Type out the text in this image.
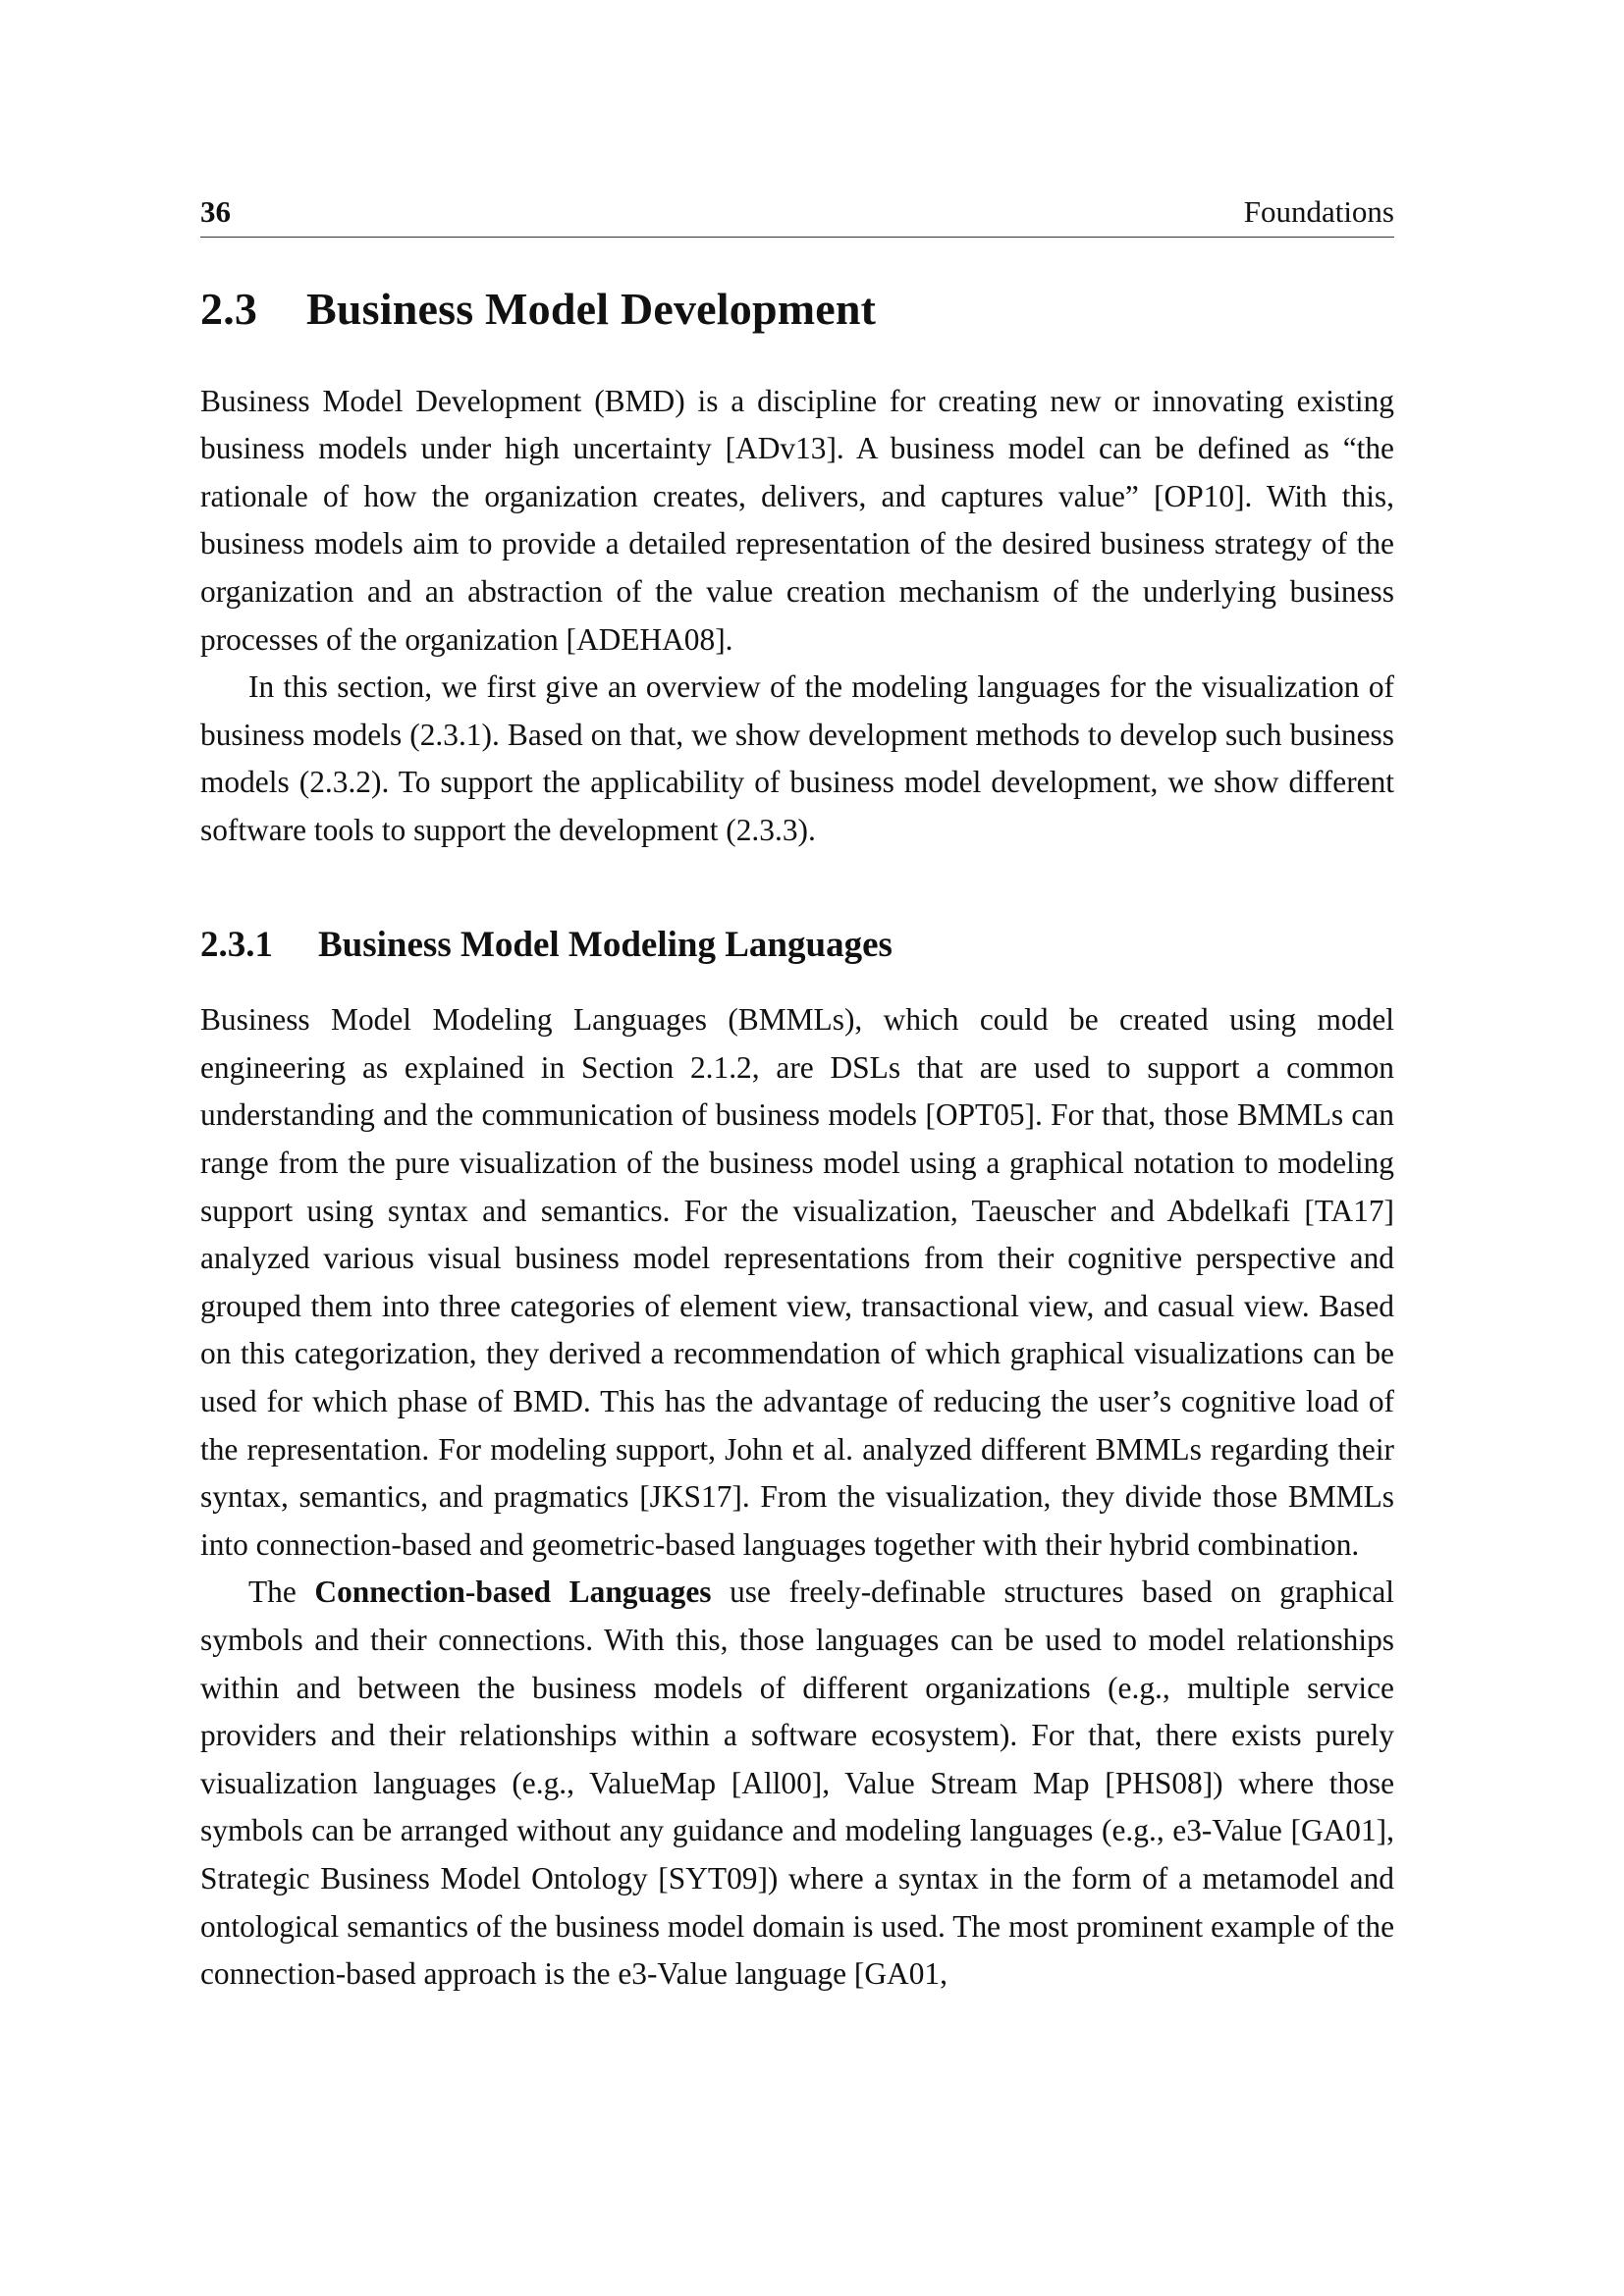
36	Foundations
2.3 Business Model Development

Business Model Development (BMD) is a discipline for creating new or innovating existing business models under high uncertainty [ADv13]. A business model can be defined as “the rationale of how the organization creates, delivers, and captures value” [OP10]. With this, business models aim to provide a detailed representation of the desired business strategy of the organization and an abstraction of the value creation mechanism of the underlying business processes of the organization [ADEHA08].

In this section, we first give an overview of the modeling languages for the visualization of business models (2.3.1). Based on that, we show development methods to develop such business models (2.3.2). To support the applicability of business model development, we show different software tools to support the development (2.3.3).

2.3.1 Business Model Modeling Languages

Business Model Modeling Languages (BMMLs), which could be created using model engineering as explained in Section 2.1.2, are DSLs that are used to support a common understanding and the communication of business models [OPT05]. For that, those BMMLs can range from the pure visualization of the business model using a graphical notation to modeling support using syntax and semantics. For the visualization, Taeuscher and Abdelkafi [TA17] analyzed various visual business model representations from their cognitive perspective and grouped them into three categories of element view, transactional view, and casual view. Based on this categorization, they derived a recommendation of which graphical visualizations can be used for which phase of BMD. This has the advantage of reducing the user’s cognitive load of the representation. For modeling support, John et al. analyzed different BMMLs regarding their syntax, semantics, and pragmatics [JKS17]. From the visualization, they divide those BMMLs into connection-based and geometric-based languages together with their hybrid combination.

The Connection-based Languages use freely-definable structures based on graphical symbols and their connections. With this, those languages can be used to model relationships within and between the business models of different organizations (e.g., multiple service providers and their relationships within a software ecosystem). For that, there exists purely visualization languages (e.g., ValueMap [All00], Value Stream Map [PHS08]) where those symbols can be arranged without any guidance and modeling languages (e.g., e3-Value [GA01], Strategic Business Model Ontology [SYT09]) where a syntax in the form of a metamodel and ontological semantics of the business model domain is used. The most prominent example of the connection-based approach is the e3-Value language [GA01,
